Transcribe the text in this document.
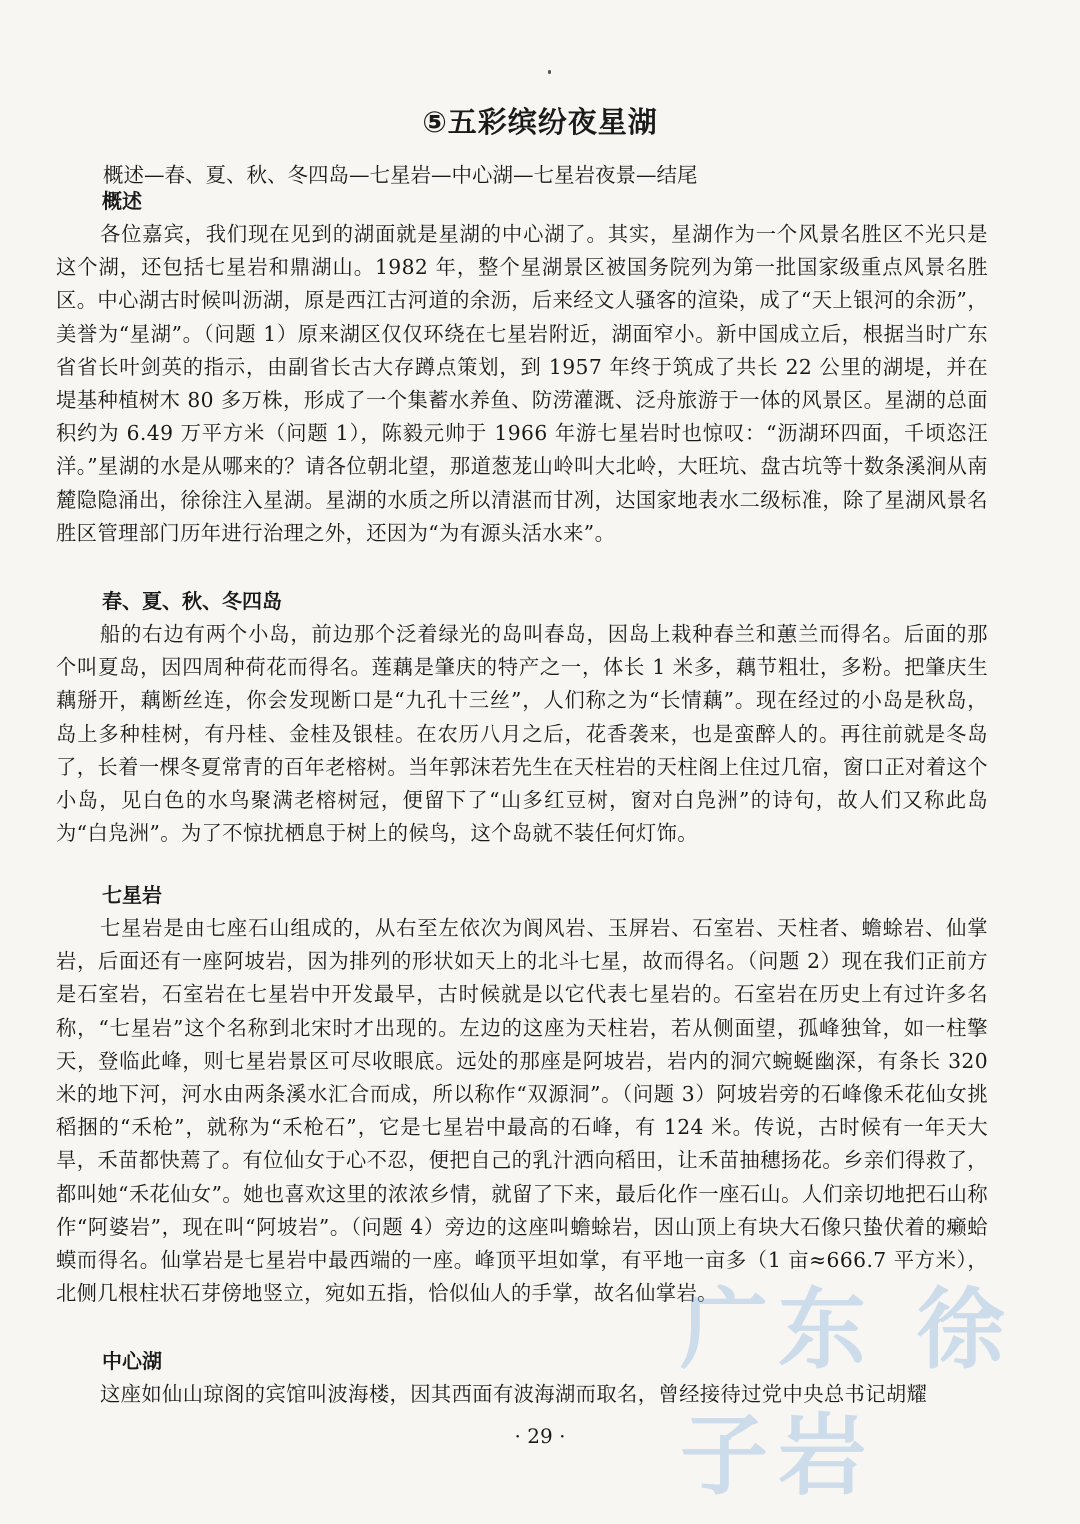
⑤五彩缤纷夜星湖
概述—春、夏、秋、冬四岛—七星岩—中心湖—七星岩夜景—结尾
概述

各位嘉宾，我们现在见到的湖面就是星湖的中心湖了。其实，星湖作为一个风景名胜区不光只是这个湖，还包括七星岩和鼎湖山。1982 年，整个星湖景区被国务院列为第一批国家级重点风景名胜区。中心湖古时候叫沥湖，原是西江古河道的余沥，后来经文人骚客的渲染，成了“天上银河的余沥”，美誉为“星湖”。（问题 1）原来湖区仅仅环绕在七星岩附近，湖面窄小。新中国成立后，根据当时广东省省长叶剑英的指示，由副省长古大存蹲点策划，到 1957 年终于筑成了共长 22 公里的湖堤，并在堤基种植树木 80 多万株，形成了一个集蓄水养鱼、防涝灌溉、泛舟旅游于一体的风景区。星湖的总面积约为 6.49 万平方米（问题 1），陈毅元帅于 1966 年游七星岩时也惊叹：“沥湖环四面，千顷恣汪洋。”星湖的水是从哪来的？请各位朝北望，那道葱茏山岭叫大北岭，大旺坑、盘古坑等十数条溪涧从南麓隐隐涌出，徐徐注入星湖。星湖的水质之所以清湛而甘冽，达国家地表水二级标准，除了星湖风景名胜区管理部门历年进行治理之外，还因为“为有源头活水来”。

春、夏、秋、冬四岛

船的右边有两个小岛，前边那个泛着绿光的岛叫春岛，因岛上栽种春兰和蕙兰而得名。后面的那个叫夏岛，因四周种荷花而得名。莲藕是肇庆的特产之一，体长 1 米多，藕节粗壮，多粉。把肇庆生藕掰开，藕断丝连，你会发现断口是“九孔十三丝”，人们称之为“长情藕”。现在经过的小岛是秋岛，岛上多种桂树，有丹桂、金桂及银桂。在农历八月之后，花香袭来，也是蛮醉人的。再往前就是冬岛了，长着一棵冬夏常青的百年老榕树。当年郭沫若先生在天柱岩的天柱阁上住过几宿，窗口正对着这个小岛，见白色的水鸟聚满老榕树冠，便留下了“山多红豆树，窗对白凫洲”的诗句，故人们又称此岛为“白凫洲”。为了不惊扰栖息于树上的候鸟，这个岛就不装任何灯饰。

七星岩

七星岩是由七座石山组成的，从右至左依次为阆风岩、玉屏岩、石室岩、天柱者、蟾蜍岩、仙掌岩，后面还有一座阿坡岩，因为排列的形状如天上的北斗七星，故而得名。（问题 2）现在我们正前方是石室岩，石室岩在七星岩中开发最早，古时候就是以它代表七星岩的。石室岩在历史上有过许多名称，“七星岩”这个名称到北宋时才出现的。左边的这座为天柱岩，若从侧面望，孤峰独耸，如一柱擎天，登临此峰，则七星岩景区可尽收眼底。远处的那座是阿坡岩，岩内的洞穴蜿蜒幽深，有条长 320 米的地下河，河水由两条溪水汇合而成，所以称作“双源洞”。（问题 3）阿坡岩旁的石峰像禾花仙女挑稻捆的“禾枪”，就称为“禾枪石”，它是七星岩中最高的石峰，有 124 米。传说，古时候有一年天大旱，禾苗都快蔫了。有位仙女于心不忍，便把自己的乳汁洒向稻田，让禾苗抽穗扬花。乡亲们得救了，都叫她“禾花仙女”。她也喜欢这里的浓浓乡情，就留了下来，最后化作一座石山。人们亲切地把石山称作“阿婆岩”，现在叫“阿坡岩”。（问题 4）旁边的这座叫蟾蜍岩，因山顶上有块大石像只蛰伏着的癞蛤蟆而得名。仙掌岩是七星岩中最西端的一座。峰顶平坦如掌，有平地一亩多（1 亩≈666.7 平方米），北侧几根柱状石芽傍地竖立，宛如五指，恰似仙人的手掌，故名仙掌岩。

中心湖

这座如仙山琼阁的宾馆叫波海楼，因其西面有波海湖而取名，曾经接待过党中央总书记胡耀

· 29 ·
广东 徐子岩
